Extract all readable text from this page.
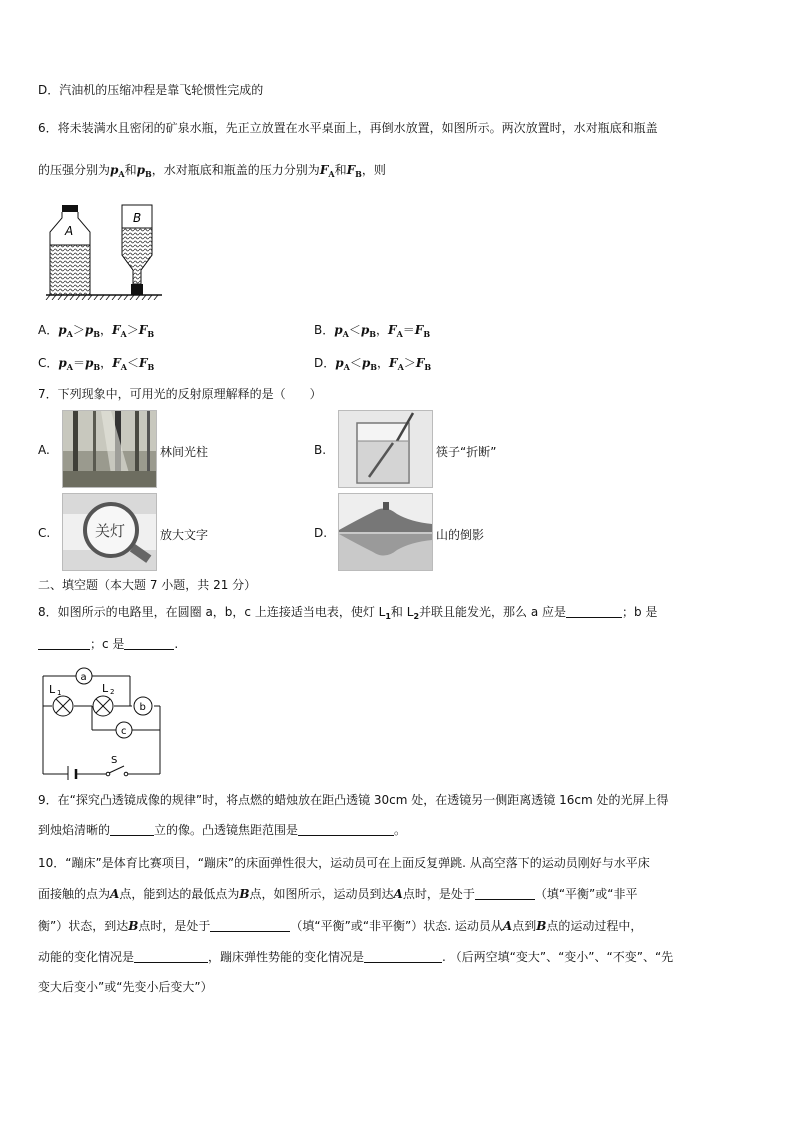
D．汽油机的压缩冲程是靠飞轮惯性完成的
6．将未装满水且密闭的矿泉水瓶，先正立放置在水平桌面上，再倒水放置，如图所示。两次放置时，水对瓶底和瓶盖
的压强分别为$p_A$和$p_B$，水对瓶底和瓶盖的压力分别为$F_A$和$F_B$，则
A
B
A．$p_A>p_B$，$F_A>F_B$	B．$p_A<p_B$，$F_A=F_B$
C．$p_A=p_B$，$F_A<F_B$	D．$p_A<p_B$，$F_A>F_B$
7．下列现象中，可用光的反射原理解释的是（　　）
A.	林间光柱	B.	筷子“折断”
C.	关灯	放大文字	D.	山的倒影
二、填空题（本大题 7 小题，共 21 分）
8．如图所示的电路里，在圆圈 a，b，c 上连接适当电表，使灯 $L_1$和 $L_2$并联且能发光，那么 a 应是	；b 是
；c 是	.
a
L 1	L 2
b
c
S
9．在“探究凸透镜成像的规律”时，将点燃的蜡烛放在距凸透镜 30cm 处，在透镜另一侧距离透镜 16cm 处的光屏上得
到烛焰清晰的	立的像。凸透镜焦距范围是	。
10．“蹦床”是体育比赛项目，“蹦床”的床面弹性很大，运动员可在上面反复弹跳. 从高空落下的运动员刚好与水平床
面接触的点为A点，能到达的最低点为B点，如图所示，运动员到达A点时，是处于	（填“平衡”或“非平
衡”）状态，到达B点时，是处于	（填“平衡”或“非平衡”）状态. 运动员从A点到B点的运动过程中，
动能的变化情况是	，蹦床弹性势能的变化情况是	. （后两空填“变大”、“变小”、“不变”、“先
变大后变小”或“先变小后变大”）
